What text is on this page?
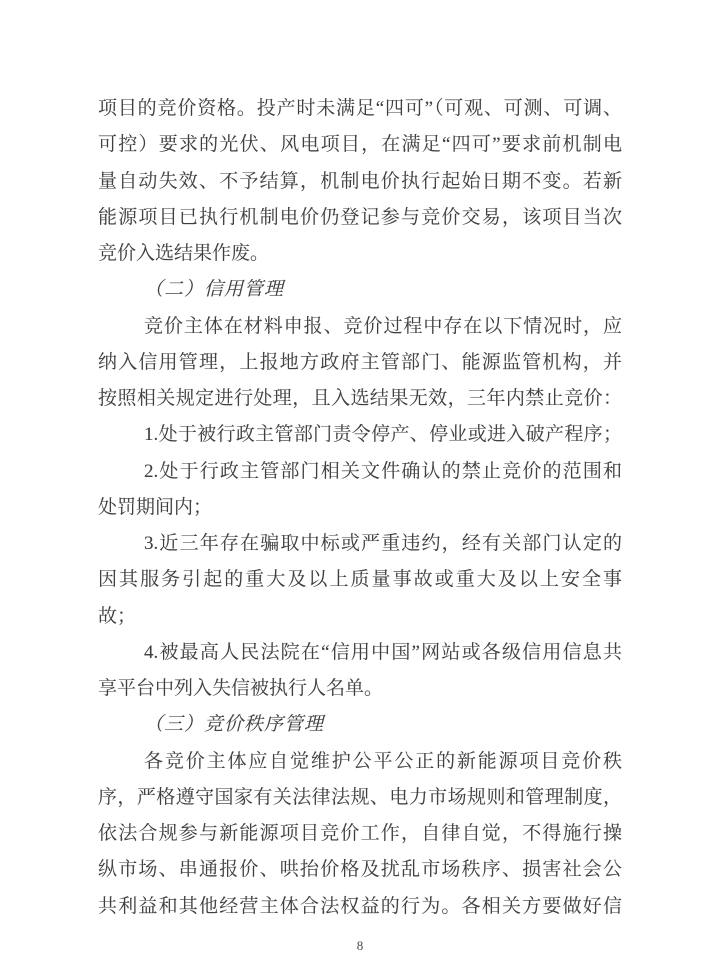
项目的竞价资格。投产时未满足“四可”（可观、可测、可调、
可控）要求的光伏、风电项目，在满足“四可”要求前机制电
量自动失效、不予结算，机制电价执行起始日期不变。若新
能源项目已执行机制电价仍登记参与竞价交易，该项目当次
竞价入选结果作废。
（二）信用管理
竞价主体在材料申报、竞价过程中存在以下情况时，应
纳入信用管理，上报地方政府主管部门、能源监管机构，并
按照相关规定进行处理，且入选结果无效，三年内禁止竞价：
1.处于被行政主管部门责令停产、停业或进入破产程序；
2.处于行政主管部门相关文件确认的禁止竞价的范围和
处罚期间内；
3.近三年存在骗取中标或严重违约，经有关部门认定的
因其服务引起的重大及以上质量事故或重大及以上安全事
故；
4.被最高人民法院在“信用中国”网站或各级信用信息共
享平台中列入失信被执行人名单。
（三）竞价秩序管理
各竞价主体应自觉维护公平公正的新能源项目竞价秩
序，严格遵守国家有关法律法规、电力市场规则和管理制度，
依法合规参与新能源项目竞价工作，自律自觉，不得施行操
纵市场、串通报价、哄抬价格及扰乱市场秩序、损害社会公
共利益和其他经营主体合法权益的行为。各相关方要做好信
8
